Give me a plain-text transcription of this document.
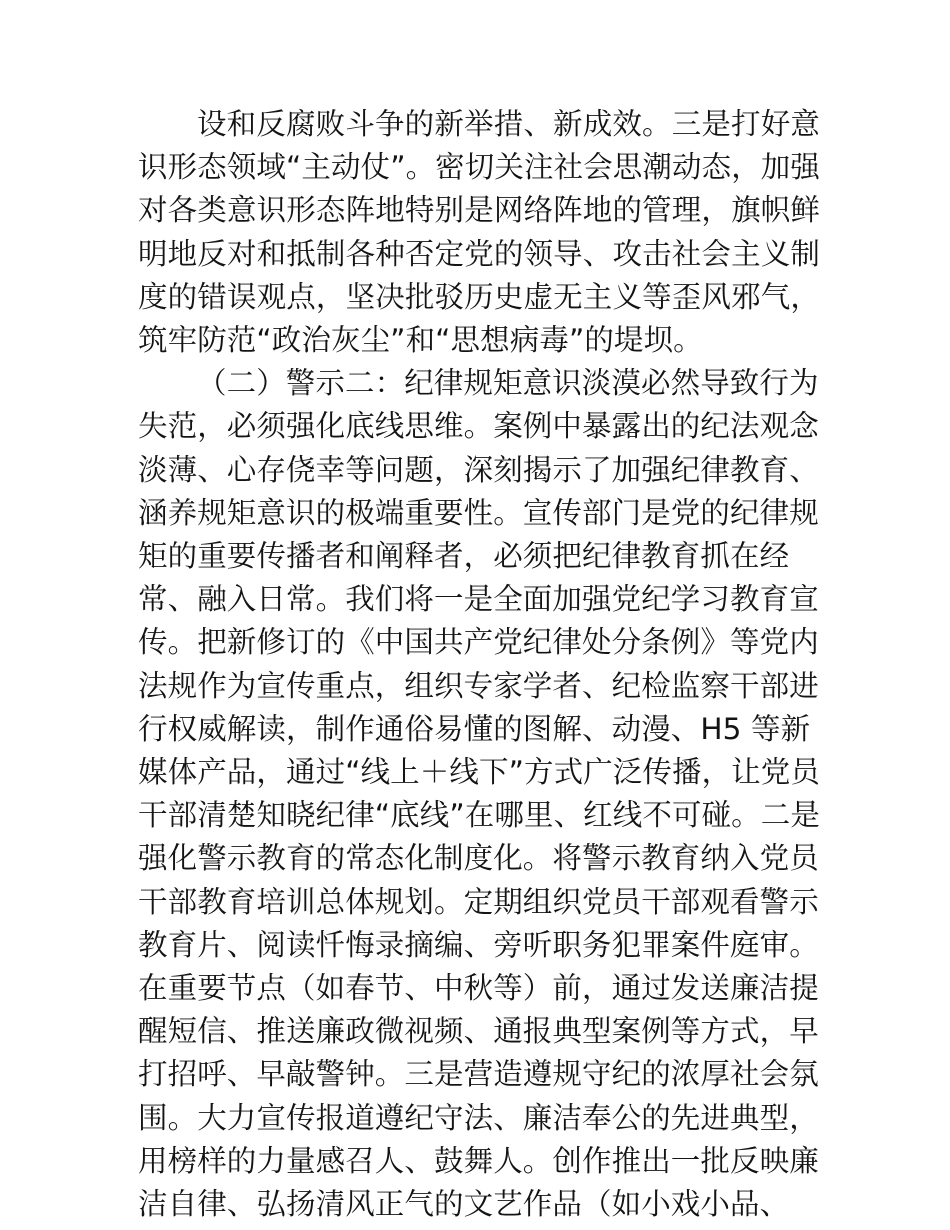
设和反腐败斗争的新举措、新成效。三是打好意识形态领域“主动仗”。密切关注社会思潮动态，加强对各类意识形态阵地特别是网络阵地的管理，旗帜鲜明地反对和抵制各种否定党的领导、攻击社会主义制度的错误观点，坚决批驳历史虚无主义等歪风邪气，筑牢防范“政治灰尘”和“思想病毒”的堤坝。

（二）警示二：纪律规矩意识淡漠必然导致行为失范，必须强化底线思维。案例中暴露出的纪法观念淡薄、心存侥幸等问题，深刻揭示了加强纪律教育、涵养规矩意识的极端重要性。宣传部门是党的纪律规矩的重要传播者和阐释者，必须把纪律教育抓在经常、融入日常。我们将一是全面加强党纪学习教育宣传。把新修订的《中国共产党纪律处分条例》等党内法规作为宣传重点，组织专家学者、纪检监察干部进行权威解读，制作通俗易懂的图解、动漫、H5 等新媒体产品，通过“线上＋线下”方式广泛传播，让党员干部清楚知晓纪律“底线”在哪里、红线不可碰。二是强化警示教育的常态化制度化。将警示教育纳入党员干部教育培训总体规划。定期组织党员干部观看警示教育片、阅读忏悔录摘编、旁听职务犯罪案件庭审。在重要节点（如春节、中秋等）前，通过发送廉洁提醒短信、推送廉政微视频、通报典型案例等方式，早打招呼、早敲警钟。三是营造遵规守纪的浓厚社会氛围。大力宣传报道遵纪守法、廉洁奉公的先进典型，用榜样的力量感召人、鼓舞人。创作推出一批反映廉洁自律、弘扬清风正气的文艺作品（如小戏小品、
